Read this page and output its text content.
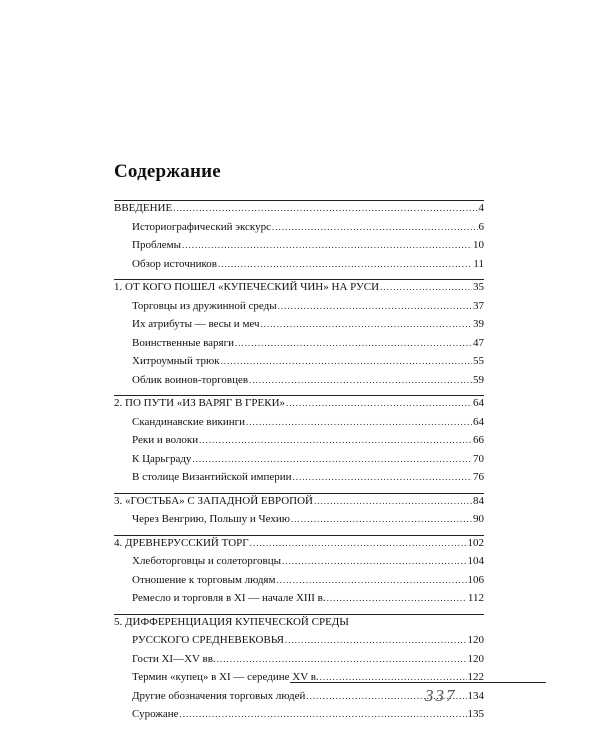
Содержание
ВВЕДЕНИЕ .....	4
Историографический экскурс .....	6
Проблемы .....	10
Обзор источников .....	11
1. ОТ КОГО ПОШЕЛ «КУПЕЧЕСКИЙ ЧИН» НА РУСИ .....	35
Торговцы из дружинной среды .....	37
Их атрибуты — весы и меч .....	39
Воинственные варяги .....	47
Хитроумный трюк .....	55
Облик воинов-торговцев .....	59
2. ПО ПУТИ «ИЗ ВАРЯГ В ГРЕКИ» .....	64
Скандинавские викинги .....	64
Реки и волоки .....	66
К Царьграду .....	70
В столице Византийской империи .....	76
3. «ГОСТЬБА» С ЗАПАДНОЙ ЕВРОПОЙ .....	84
Через Венгрию, Польшу и Чехию .....	90
4. ДРЕВНЕРУССКИЙ ТОРГ .....	102
Хлеботорговцы и солеторговцы .....	104
Отношение к торговым людям .....	106
Ремесло и торговля в XI — начале XIII в. .....	112
5. ДИФФЕРЕНЦИАЦИЯ КУПЕЧЕСКОЙ СРЕДЫ
РУССКОГО СРЕДНЕВЕКОВЬЯ .....	120
Гости XI—XV вв. .....	120
Термин «купец» в XI — середине XV в. .....	122
Другие обозначения торговых людей .....	134
Сурожане .....	135
337
